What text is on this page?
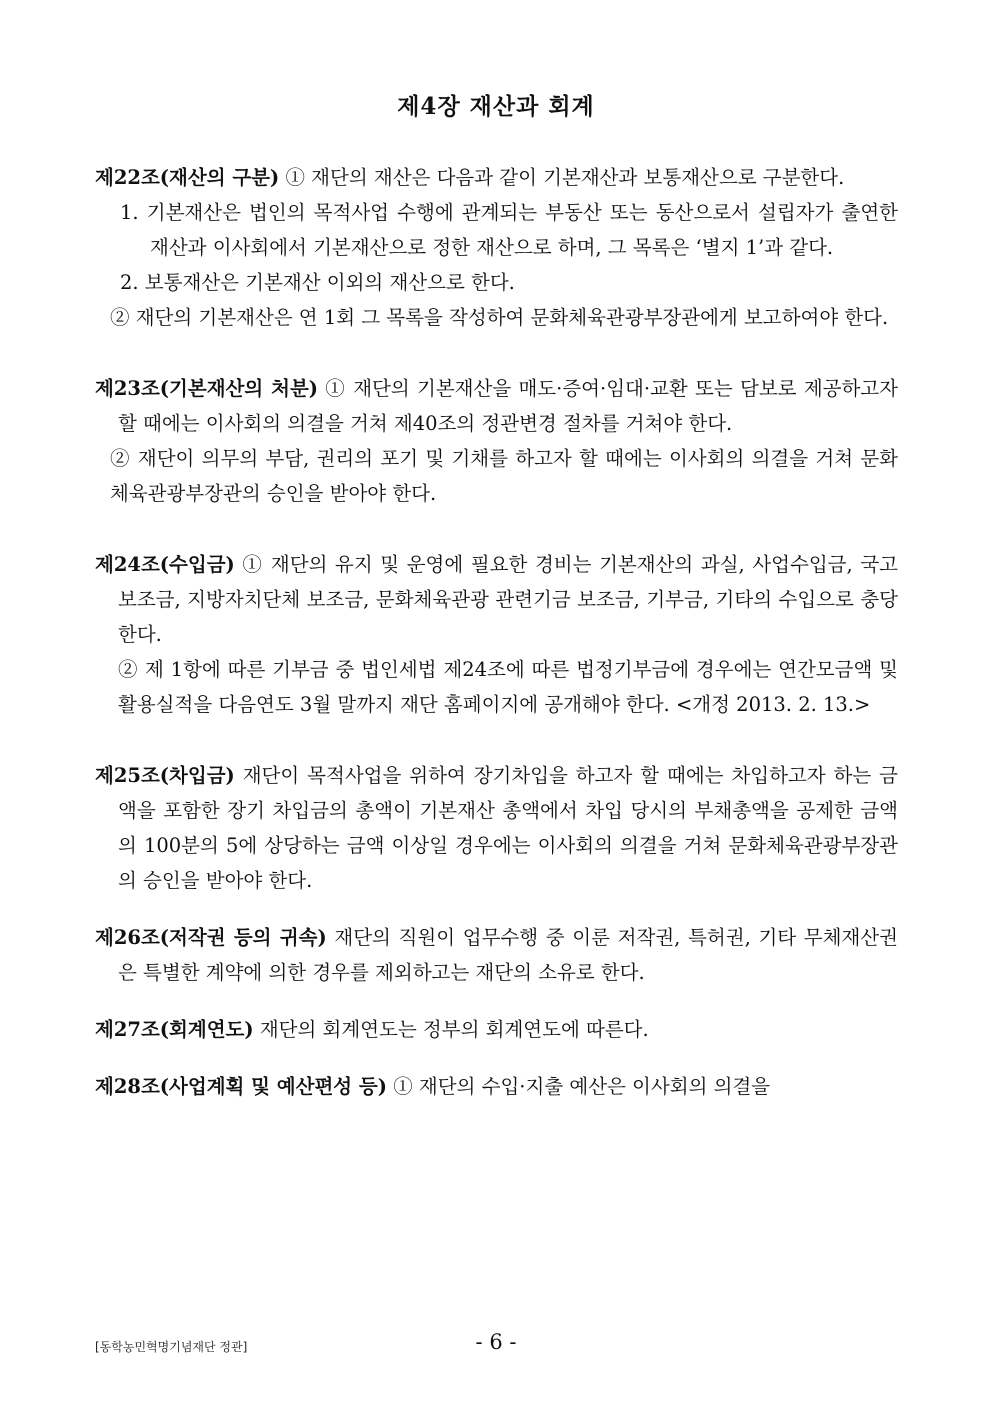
제4장 재산과 회계

제22조(재산의 구분) ① 재단의 재산은 다음과 같이 기본재산과 보통재산으로 구분한다.

1. 기본재산은 법인의 목적사업 수행에 관계되는 부동산 또는 동산으로서 설립자가 출연한 재산과 이사회에서 기본재산으로 정한 재산으로 하며, 그 목록은 ‘별지 1’과 같다.

2. 보통재산은 기본재산 이외의 재산으로 한다.

② 재단의 기본재산은 연 1회 그 목록을 작성하여 문화체육관광부장관에게 보고하여야 한다.

제23조(기본재산의 처분) ① 재단의 기본재산을 매도·증여·임대·교환 또는 담보로 제공하고자 할 때에는 이사회의 의결을 거쳐 제40조의 정관변경 절차를 거쳐야 한다.

② 재단이 의무의 부담, 권리의 포기 및 기채를 하고자 할 때에는 이사회의 의결을 거쳐 문화체육관광부장관의 승인을 받아야 한다.

제24조(수입금) ① 재단의 유지 및 운영에 필요한 경비는 기본재산의 과실, 사업수입금, 국고 보조금, 지방자치단체 보조금, 문화체육관광 관련기금 보조금, 기부금, 기타의 수입으로 충당한다.

② 제 1항에 따른 기부금 중 법인세법 제24조에 따른 법정기부금에 경우에는 연간모금액 및 활용실적을 다음연도 3월 말까지 재단 홈페이지에 공개해야 한다. <개정 2013. 2. 13.>

제25조(차입금) 재단이 목적사업을 위하여 장기차입을 하고자 할 때에는 차입하고자 하는 금액을 포함한 장기 차입금의 총액이 기본재산 총액에서 차입 당시의 부채총액을 공제한 금액의 100분의 5에 상당하는 금액 이상일 경우에는 이사회의 의결을 거쳐 문화체육관광부장관의 승인을 받아야 한다.

제26조(저작권 등의 귀속) 재단의 직원이 업무수행 중 이룬 저작권, 특허권, 기타 무체재산권은 특별한 계약에 의한 경우를 제외하고는 재단의 소유로 한다.

제27조(회계연도) 재단의 회계연도는 정부의 회계연도에 따른다.

제28조(사업계획 및 예산편성 등) ① 재단의 수입·지출 예산은 이사회의 의결을

[동학농민혁명기념재단 정관]	- 6 -
